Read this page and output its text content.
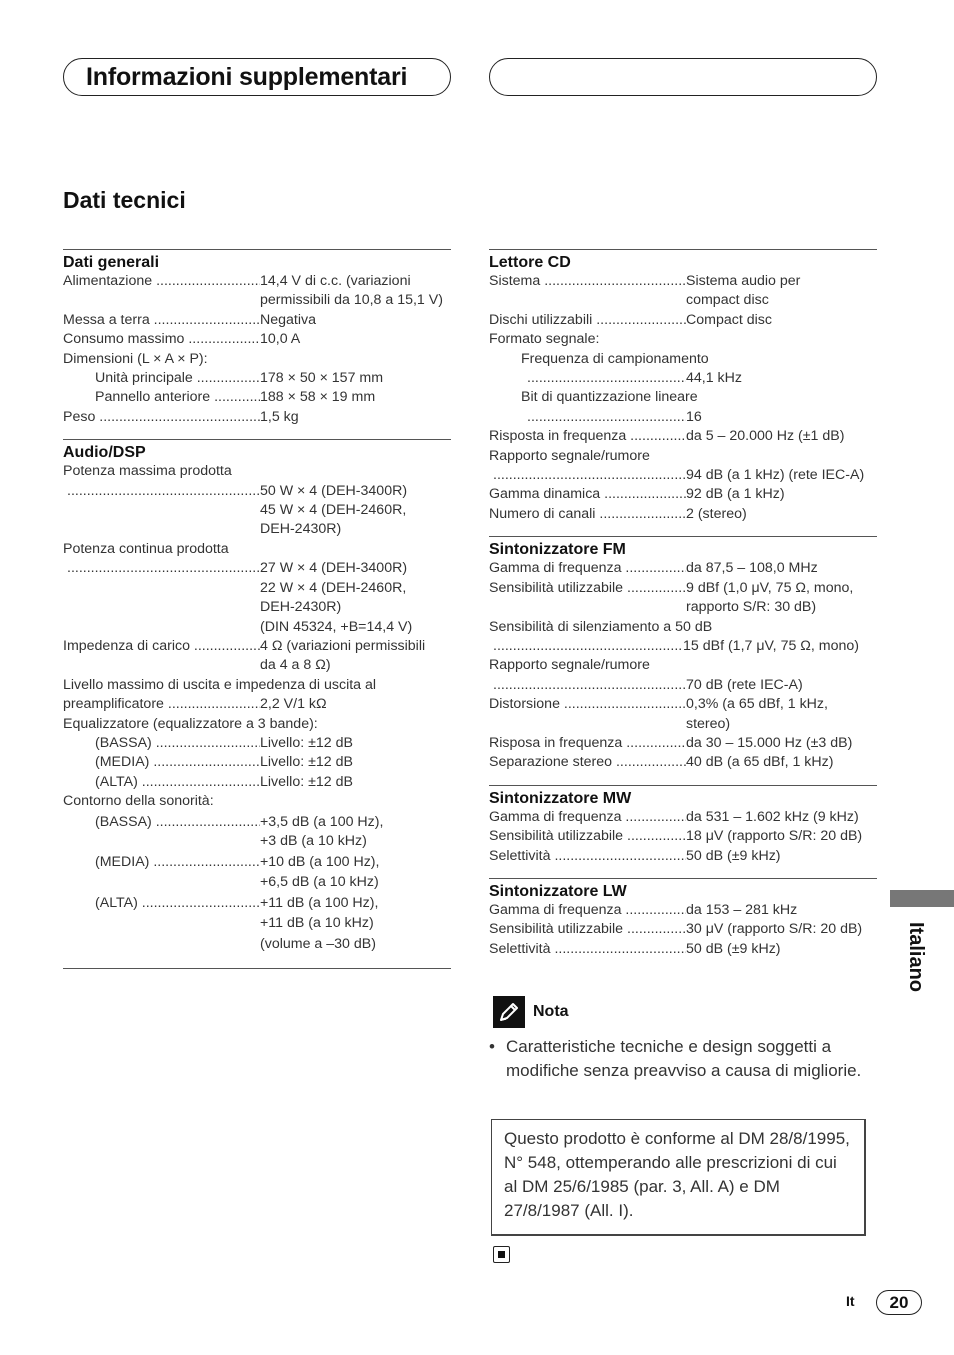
Informazioni supplementari
Dati tecnici
Dati generali
Alimentazione .....	14,4 V di c.c. (variazioni
permissibili da 10,8 a 15,1 V)
Messa a terra .....	Negativa
Consumo massimo .....	10,0 A
Dimensioni (L × A × P):
Unità principale .....	178 × 50 × 157 mm
Pannello anteriore .....	188 × 58 × 19 mm
Peso .....	1,5 kg
Audio/DSP
Potenza massima prodotta
.....
50 W × 4 (DEH-3400R)
45 W × 4 (DEH-2460R,
DEH-2430R)
Potenza continua prodotta
.....
27 W × 4 (DEH-3400R)
22 W × 4 (DEH-2460R,
DEH-2430R)
(DIN 45324, +B=14,4 V)
Impedenza di carico .....	4 Ω (variazioni permissibili
da 4 a 8 Ω)
Livello massimo di uscita e impedenza di uscita al
preamplificatore .....	2,2 V/1 kΩ
Equalizzatore (equalizzatore a 3 bande):
(BASSA) .....	Livello: ±12 dB
(MEDIA) .....	Livello: ±12 dB
(ALTA) .....	Livello: ±12 dB
Contorno della sonorità:
(BASSA) .....	+3,5 dB (a 100 Hz),
+3 dB (a 10 kHz)
(MEDIA) .....	+10 dB (a 100 Hz),
+6,5 dB (a 10 kHz)
(ALTA) .....	+11 dB (a 100 Hz),
+11 dB (a 10 kHz)
(volume a –30 dB)
Lettore CD
Sistema .....	Sistema audio per
compact disc
Dischi utilizzabili .....	Compact disc
Formato segnale:
Frequenza di campionamento
.....
44,1 kHz
Bit di quantizzazione lineare
.....
16
Risposta in frequenza .....	da 5 – 20.000 Hz (±1 dB)
Rapporto segnale/rumore
.....
94 dB (a 1 kHz) (rete IEC-A)
Gamma dinamica .....	92 dB (a 1 kHz)
Numero di canali .....	2 (stereo)
Sintonizzatore FM
Gamma di frequenza .....	da 87,5 – 108,0 MHz
Sensibilità utilizzabile .....	9 dBf (1,0 μV, 75 Ω, mono,
rapporto S/R: 30 dB)
Sensibilità di silenziamento a 50 dB
.....
15 dBf (1,7 μV, 75 Ω, mono)
Rapporto segnale/rumore
.....
70 dB (rete IEC-A)
Distorsione .....	0,3% (a 65 dBf, 1 kHz,
stereo)
Risposa in frequenza .....	da 30 – 15.000 Hz (±3 dB)
Separazione stereo .....	40 dB (a 65 dBf, 1 kHz)
Sintonizzatore MW
Gamma di frequenza .....	da 531 – 1.602 kHz (9 kHz)
Sensibilità utilizzabile .....	18 μV (rapporto S/R: 20 dB)
Selettività .....	50 dB (±9 kHz)
Sintonizzatore LW
Gamma di frequenza .....	da 153 – 281 kHz
Sensibilità utilizzabile .....	30 μV (rapporto S/R: 20 dB)
Selettività .....	50 dB (±9 kHz)
Nota
• Caratteristiche tecniche e design soggetti a modifiche senza preavviso a causa di migliorie.
Questo prodotto è conforme al DM 28/8/1995, N° 548, ottemperando alle prescrizioni di cui al DM 25/6/1985 (par. 3, All. A) e DM 27/8/1987 (All. I).
Italiano
It	20
